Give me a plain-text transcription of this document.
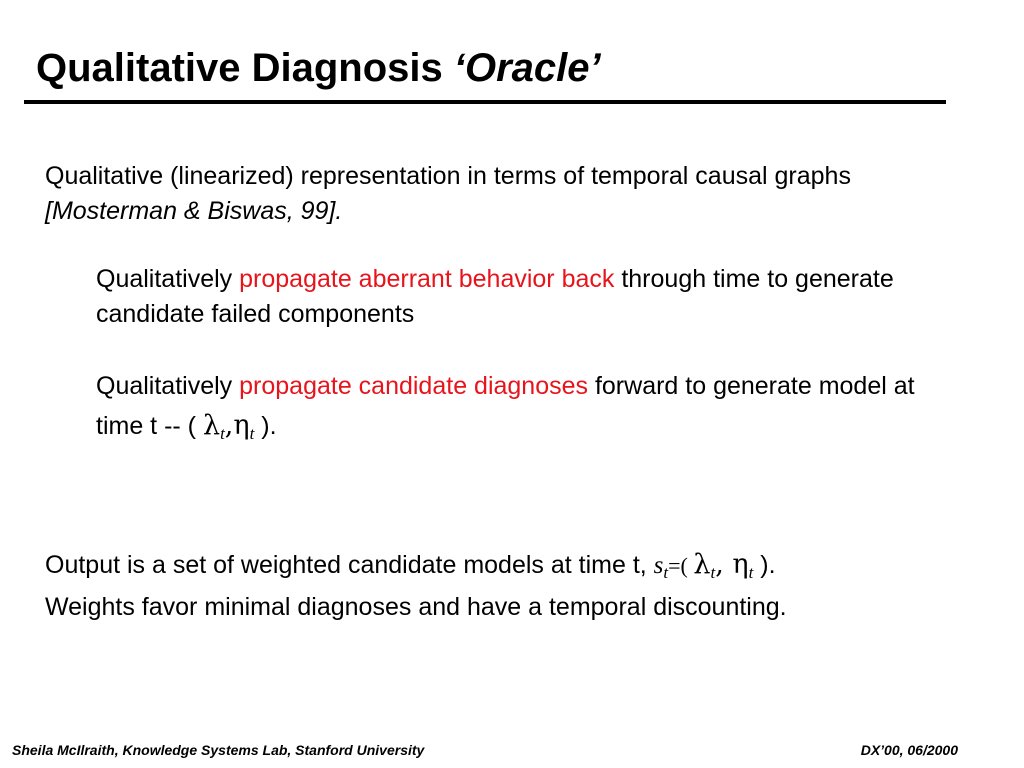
Qualitative Diagnosis ‘Oracle’

Qualitative (linearized) representation in terms of temporal causal graphs [Mosterman & Biswas, 99].

Qualitatively propagate aberrant behavior back through time to generate candidate failed components

Qualitatively propagate candidate diagnoses forward to generate model at time t -- ( $\lambda_t,\eta_t$ ).

Output is a set of weighted candidate models at time t, $s_t=$( $\lambda_t$, $\eta_t$ ).
Weights favor minimal diagnoses and have a temporal discounting.

Sheila McIlraith, Knowledge Systems Lab, Stanford University	DX’00, 06/2000
